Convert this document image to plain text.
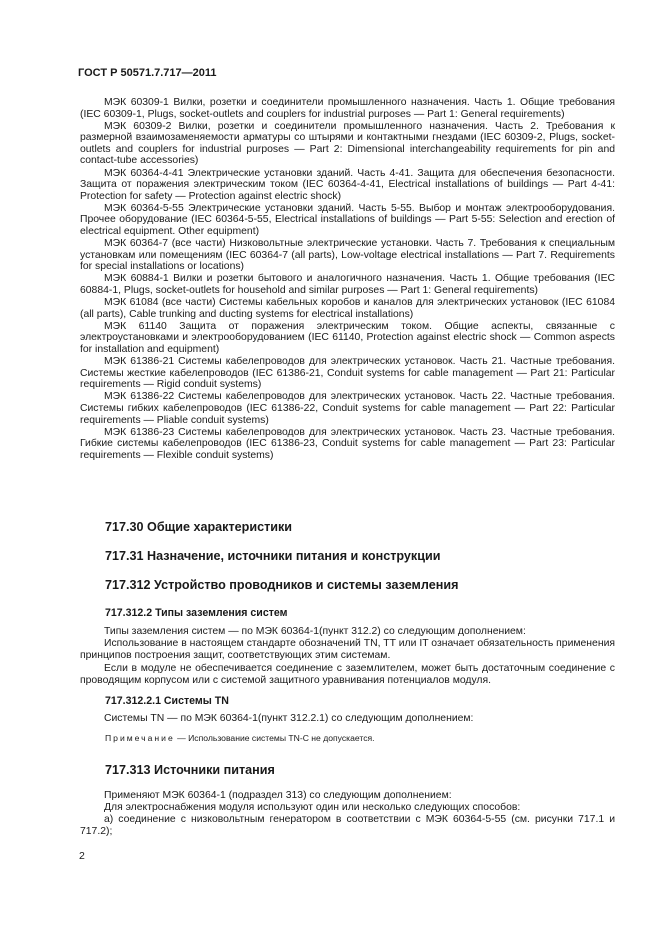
ГОСТ Р 50571.7.717—2011

МЭК 60309-1 Вилки, розетки и соединители промышленного назначения. Часть 1. Общие требования (IEC 60309-1, Plugs, socket-outlets and couplers for industrial purposes — Part 1: General requirements)

МЭК 60309-2 Вилки, розетки и соединители промышленного назначения. Часть 2. Требования к размерной взаимозаменяемости арматуры со штырями и контактными гнездами (IEC 60309-2, Plugs, socket-outlets and couplers for industrial purposes — Part 2: Dimensional interchangeability requirements for pin and contact-tube accessories)

МЭК 60364-4-41 Электрические установки зданий. Часть 4-41. Защита для обеспечения безопасности. Защита от поражения электрическим током (IEC 60364-4-41, Electrical installations of buildings — Part 4-41: Protection for safety — Protection against electric shock)

МЭК 60364-5-55 Электрические установки зданий. Часть 5-55. Выбор и монтаж электрооборудования. Прочее оборудование (IEC 60364-5-55, Electrical installations of buildings — Part 5-55: Selection and erection of electrical equipment. Other equipment)

МЭК 60364-7 (все части) Низковольтные электрические установки. Часть 7. Требования к специальным установкам или помещениям (IEC 60364-7 (all parts), Low-voltage electrical installations — Part 7. Requirements for special installations or locations)

МЭК 60884-1 Вилки и розетки бытового и аналогичного назначения. Часть 1. Общие требования (IEC 60884-1, Plugs, socket-outlets for household and similar purposes — Part 1: General requirements)

МЭК 61084 (все части) Системы кабельных коробов и каналов для электрических установок (IEC 61084 (all parts), Cable trunking and ducting systems for electrical installations)

МЭК 61140 Защита от поражения электрическим током. Общие аспекты, связанные с электроустановками и электрооборудованием (IEC 61140, Protection against electric shock — Common aspects for installation and equipment)

МЭК 61386-21 Системы кабелепроводов для электрических установок. Часть 21. Частные требования. Системы жесткие кабелепроводов (IEC 61386-21, Conduit systems for cable management — Part 21: Particular requirements — Rigid conduit systems)

МЭК 61386-22 Системы кабелепроводов для электрических установок. Часть 22. Частные требования. Системы гибких кабелепроводов (IEC 61386-22, Conduit systems for cable management — Part 22: Particular requirements — Pliable conduit systems)

МЭК 61386-23 Системы кабелепроводов для электрических установок. Часть 23. Частные требования. Гибкие системы кабелепроводов (IEC 61386-23, Conduit systems for cable management — Part 23: Particular requirements — Flexible conduit systems)

717.30 Общие характеристики
717.31 Назначение, источники питания и конструкции
717.312 Устройство проводников и системы заземления
717.312.2 Типы заземления систем
Типы заземления систем — по МЭК 60364-1(пункт 312.2) со следующим дополнением:
Использование в настоящем стандарте обозначений TN, TT или IT означает обязательность применения принципов построения защит, соответствующих этим системам.
Если в модуле не обеспечивается соединение с заземлителем, может быть достаточным соединение с проводящим корпусом или с системой защитного уравнивания потенциалов модуля.
717.312.2.1 Системы TN
Системы TN — по МЭК 60364-1(пункт 312.2.1) со следующим дополнением:
Примечание — Использование системы TN-C не допускается.
717.313 Источники питания
Применяют МЭК 60364-1 (подраздел 313) со следующим дополнением:
Для электроснабжения модуля используют один или несколько следующих способов:
а) соединение с низковольтным генератором в соответствии с МЭК 60364-5-55 (см. рисунки 717.1 и 717.2);
2
